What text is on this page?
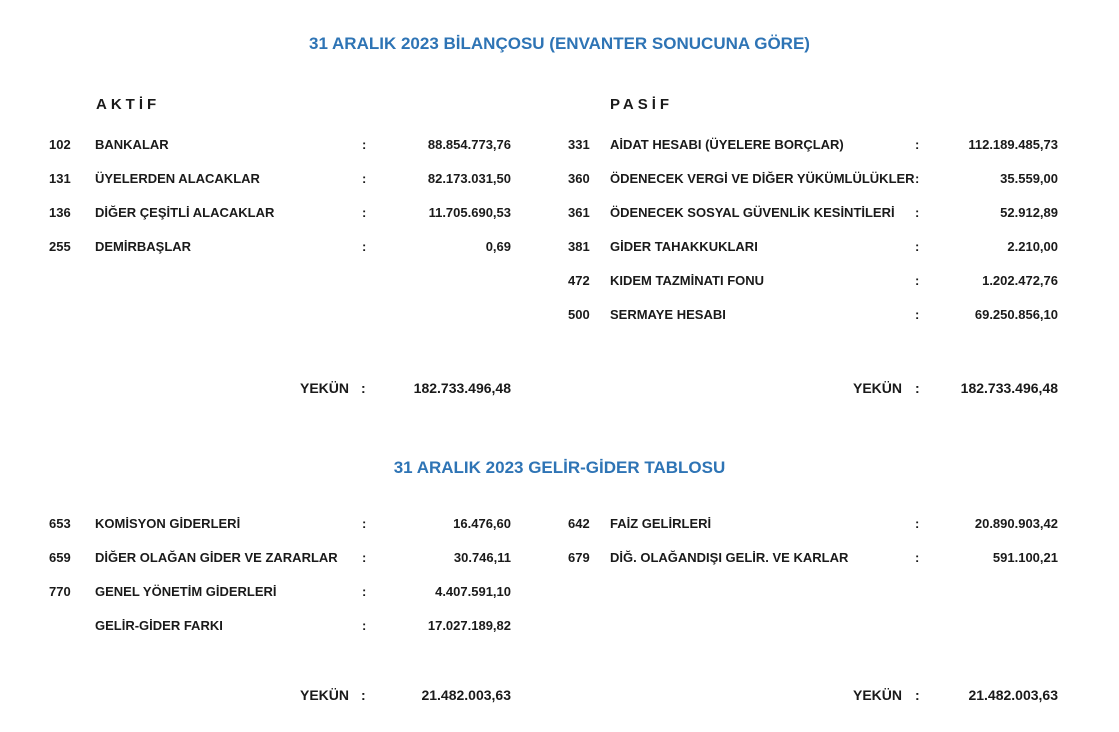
31 ARALIK 2023 BİLANÇOSU (ENVANTER SONUCUNA GÖRE)
AKTİF	PASİF
102 BANKALAR	:	88.854.773,76
131 ÜYELERDEN ALACAKLAR	:	82.173.031,50
136 DİĞER ÇEŞİTLİ ALACAKLAR	:	11.705.690,53
255 DEMİRBAŞLAR	:	0,69
331 AİDAT HESABI (ÜYELERE BORÇLAR)	:	112.189.485,73
360 ÖDENECEK VERGİ VE DİĞER YÜKÜMLÜLÜKLER :	35.559,00
361 ÖDENECEK SOSYAL GÜVENLİK KESİNTİLERİ :	52.912,89
381 GİDER TAHAKKUKLARI	:	2.210,00
472 KIDEM TAZMİNATI FONU	:	1.202.472,76
500 SERMAYE HESABI	:	69.250.856,10
YEKÜN :	182.733.496,48	YEKÜN :	182.733.496,48
31 ARALIK 2023 GELİR-GİDER TABLOSU
653 KOMİSYON GİDERLERİ	:	16.476,60
659 DİĞER OLAĞAN GİDER VE ZARARLAR :	30.746,11
770 GENEL YÖNETİM GİDERLERİ	:	4.407.591,10
GELİR-GİDER FARKI	:	17.027.189,82
642 FAİZ GELİRLERİ	:	20.890.903,42
679 DİĞ. OLAĞANDIŞI GELİR. VE KARLAR	:	591.100,21
YEKÜN :	21.482.003,63	YEKÜN :	21.482.003,63
